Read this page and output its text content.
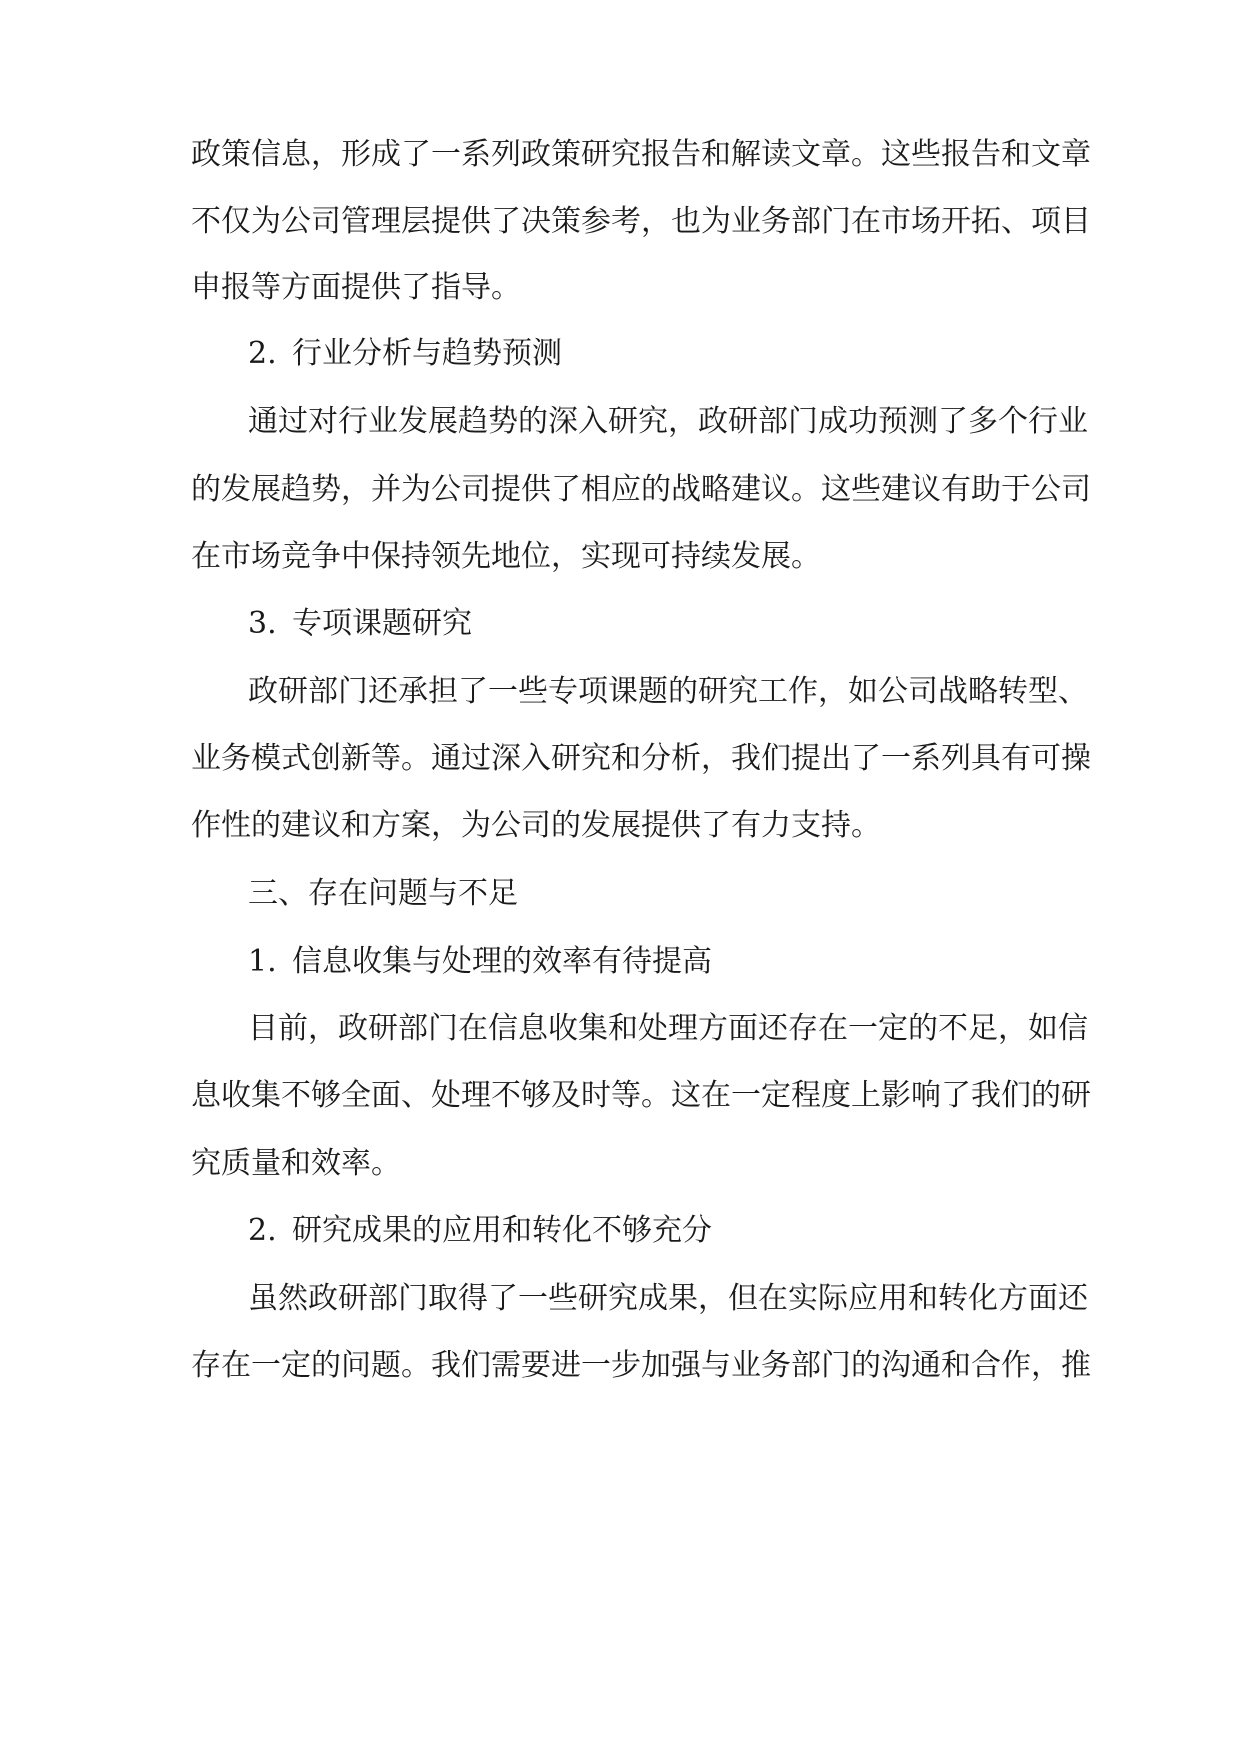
政策信息，形成了一系列政策研究报告和解读文章。这些报告和文章
不仅为公司管理层提供了决策参考，也为业务部门在市场开拓、项目
申报等方面提供了指导。
2. 行业分析与趋势预测
通过对行业发展趋势的深入研究，政研部门成功预测了多个行业
的发展趋势，并为公司提供了相应的战略建议。这些建议有助于公司
在市场竞争中保持领先地位，实现可持续发展。
3. 专项课题研究
政研部门还承担了一些专项课题的研究工作，如公司战略转型、
业务模式创新等。通过深入研究和分析，我们提出了一系列具有可操
作性的建议和方案，为公司的发展提供了有力支持。
三、存在问题与不足
1. 信息收集与处理的效率有待提高
目前，政研部门在信息收集和处理方面还存在一定的不足，如信
息收集不够全面、处理不够及时等。这在一定程度上影响了我们的研
究质量和效率。
2. 研究成果的应用和转化不够充分
虽然政研部门取得了一些研究成果，但在实际应用和转化方面还
存在一定的问题。我们需要进一步加强与业务部门的沟通和合作，推
